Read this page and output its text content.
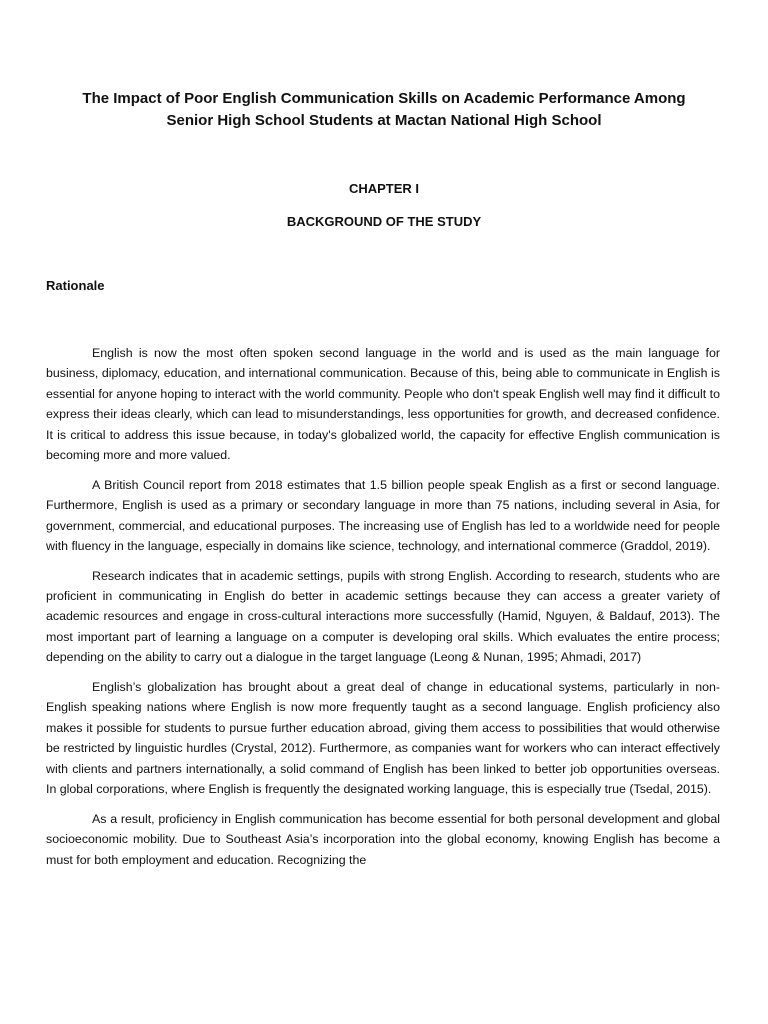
The Impact of Poor English Communication Skills on Academic Performance Among
Senior High School Students at Mactan National High School
CHAPTER I
BACKGROUND OF THE STUDY
Rationale

English is now the most often spoken second language in the world and is used as the main language for business, diplomacy, education, and international communication. Because of this, being able to communicate in English is essential for anyone hoping to interact with the world community. People who don't speak English well may find it difficult to express their ideas clearly, which can lead to misunderstandings, less opportunities for growth, and decreased confidence. It is critical to address this issue because, in today's globalized world, the capacity for effective English communication is becoming more and more valued.

A British Council report from 2018 estimates that 1.5 billion people speak English as a first or second language. Furthermore, English is used as a primary or secondary language in more than 75 nations, including several in Asia, for government, commercial, and educational purposes. The increasing use of English has led to a worldwide need for people with fluency in the language, especially in domains like science, technology, and international commerce (Graddol, 2019).

Research indicates that in academic settings, pupils with strong English. According to research, students who are proficient in communicating in English do better in academic settings because they can access a greater variety of academic resources and engage in cross-cultural interactions more successfully (Hamid, Nguyen, & Baldauf, 2013). The most important part of learning a language on a computer is developing oral skills. Which evaluates the entire process; depending on the ability to carry out a dialogue in the target language (Leong & Nunan, 1995; Ahmadi, 2017)

English’s globalization has brought about a great deal of change in educational systems, particularly in non-English speaking nations where English is now more frequently taught as a second language. English proficiency also makes it possible for students to pursue further education abroad, giving them access to possibilities that would otherwise be restricted by linguistic hurdles (Crystal, 2012). Furthermore, as companies want for workers who can interact effectively with clients and partners internationally, a solid command of English has been linked to better job opportunities overseas. In global corporations, where English is frequently the designated working language, this is especially true (Tsedal, 2015).

As a result, proficiency in English communication has become essential for both personal development and global socioeconomic mobility. Due to Southeast Asia’s incorporation into the global economy, knowing English has become a must for both employment and education. Recognizing the
